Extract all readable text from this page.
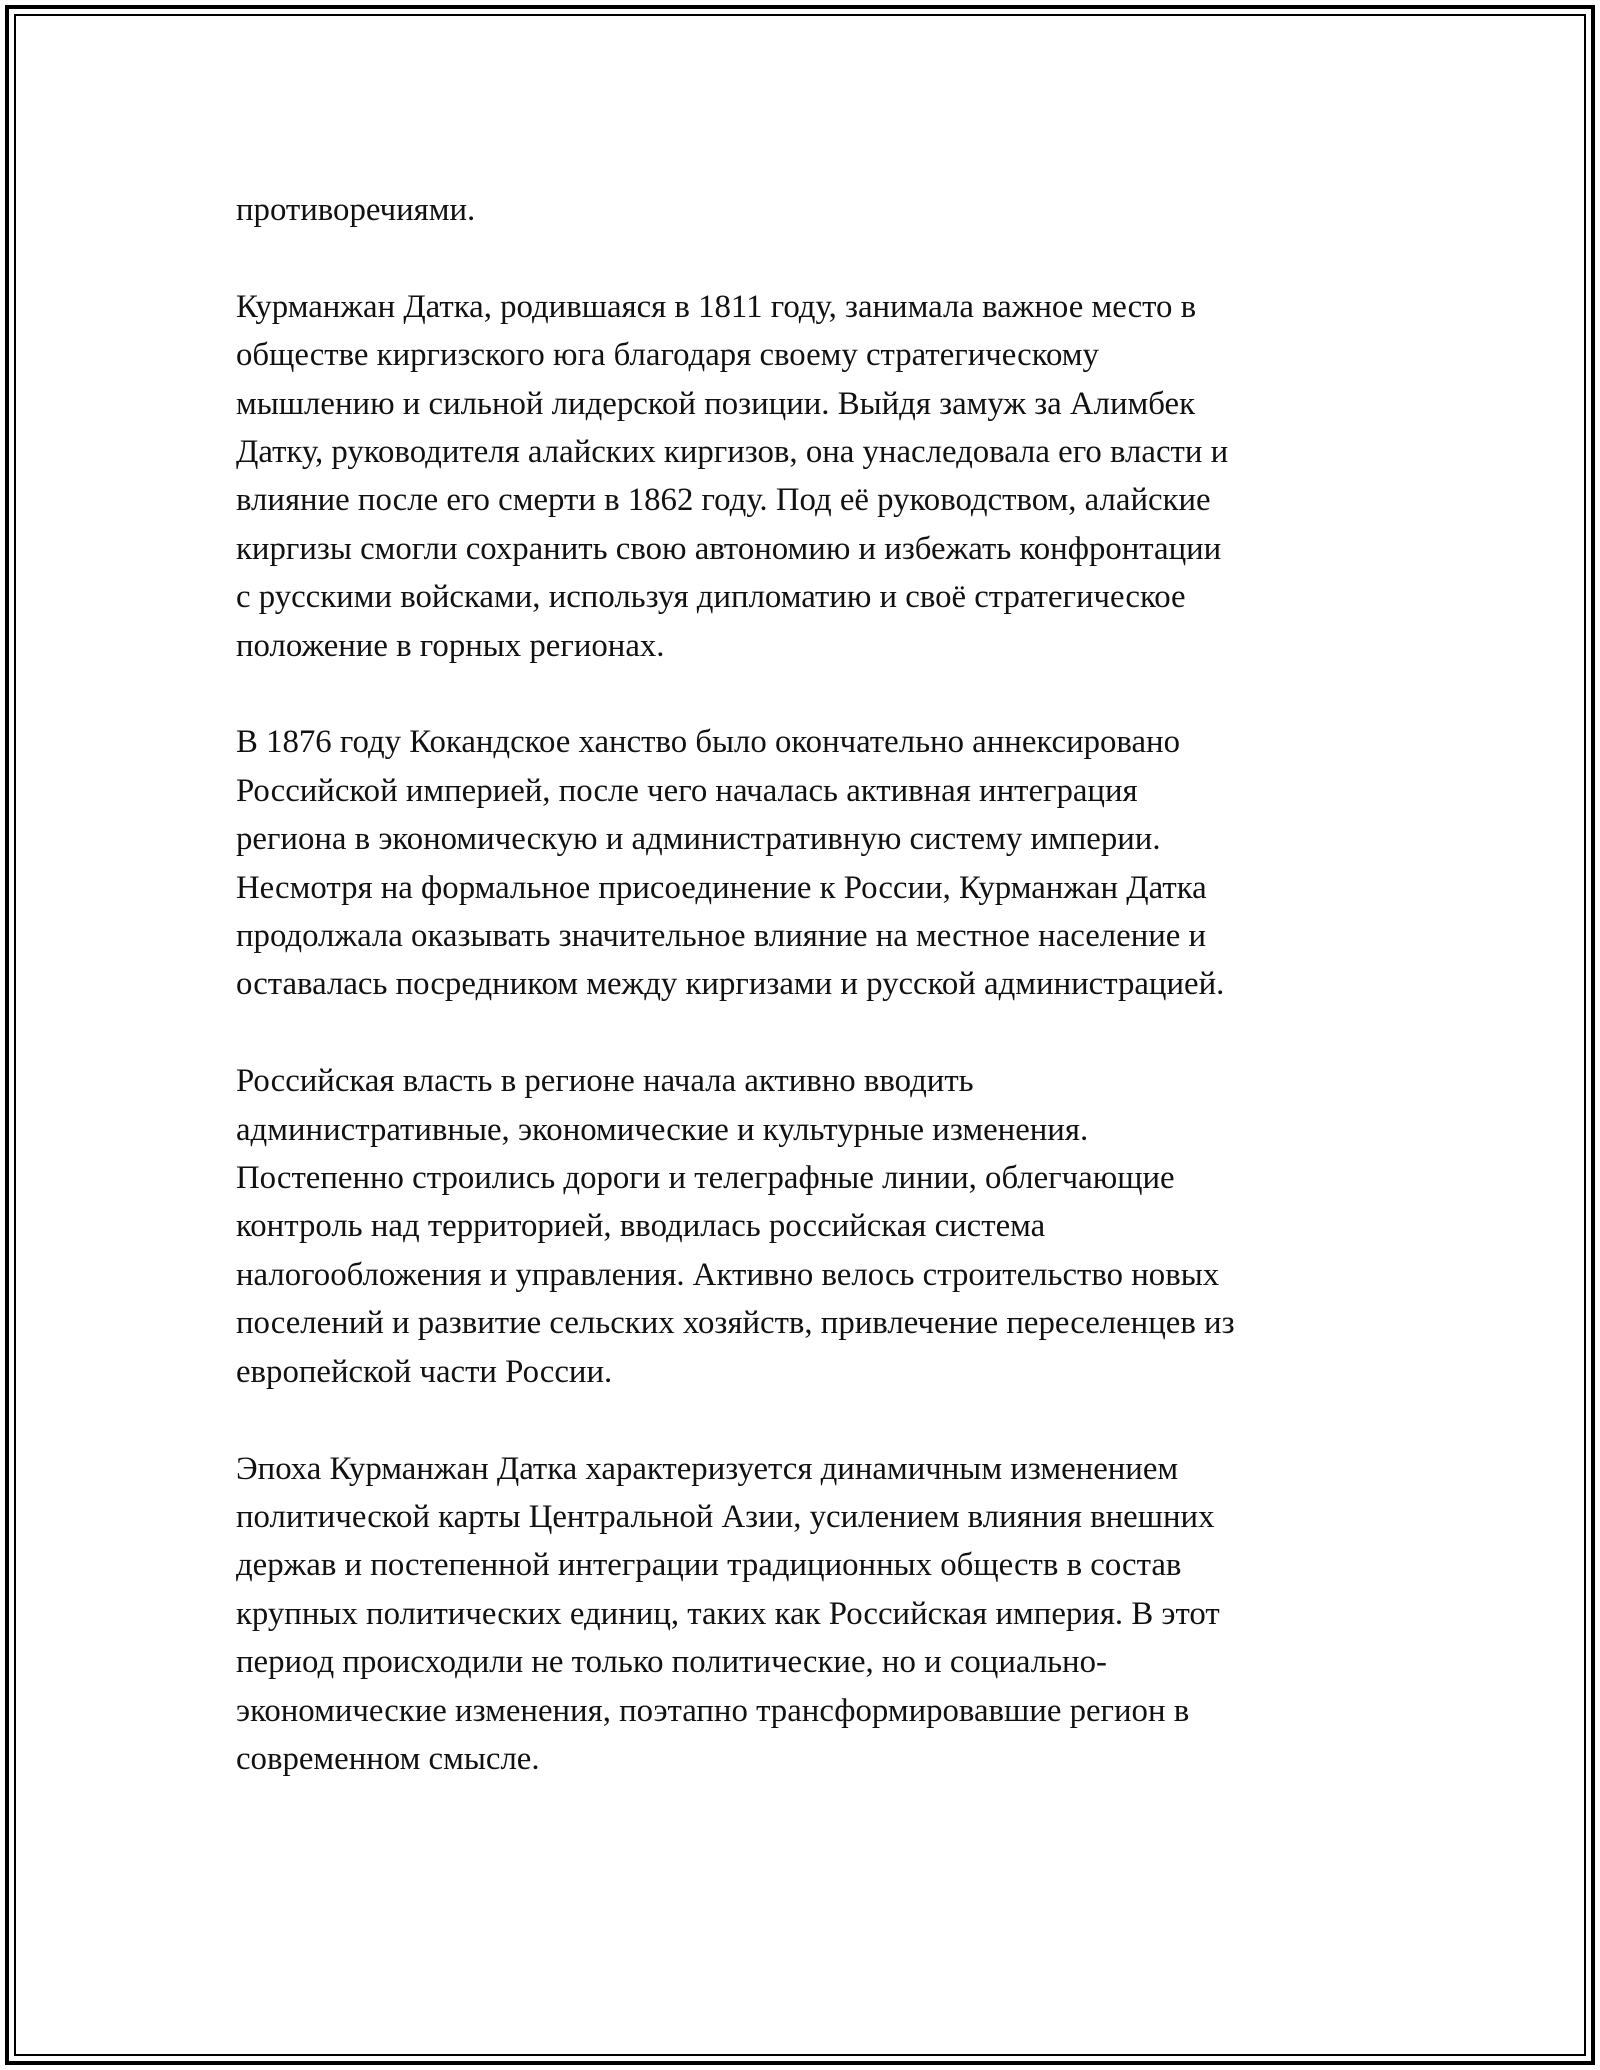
противоречиями.

Курманжан Датка, родившаяся в 1811 году, занимала важное место в
обществе киргизского юга благодаря своему стратегическому
мышлению и сильной лидерской позиции. Выйдя замуж за Алимбек
Датку, руководителя алайских киргизов, она унаследовала его власти и
влияние после его смерти в 1862 году. Под её руководством, алайские
киргизы смогли сохранить свою автономию и избежать конфронтации
с русскими войсками, используя дипломатию и своё стратегическое
положение в горных регионах.

В 1876 году Кокандское ханство было окончательно аннексировано
Российской империей, после чего началась активная интеграция
региона в экономическую и административную систему империи.
Несмотря на формальное присоединение к России, Курманжан Датка
продолжала оказывать значительное влияние на местное население и
оставалась посредником между киргизами и русской администрацией.

Российская власть в регионе начала активно вводить
административные, экономические и культурные изменения.
Постепенно строились дороги и телеграфные линии, облегчающие
контроль над территорией, вводилась российская система
налогообложения и управления. Активно велось строительство новых
поселений и развитие сельских хозяйств, привлечение переселенцев из
европейской части России.

Эпоха Курманжан Датка характеризуется динамичным изменением
политической карты Центральной Азии, усилением влияния внешних
держав и постепенной интеграции традиционных обществ в состав
крупных политических единиц, таких как Российская империя. В этот
период происходили не только политические, но и социально-
экономические изменения, поэтапно трансформировавшие регион в
современном смысле.
